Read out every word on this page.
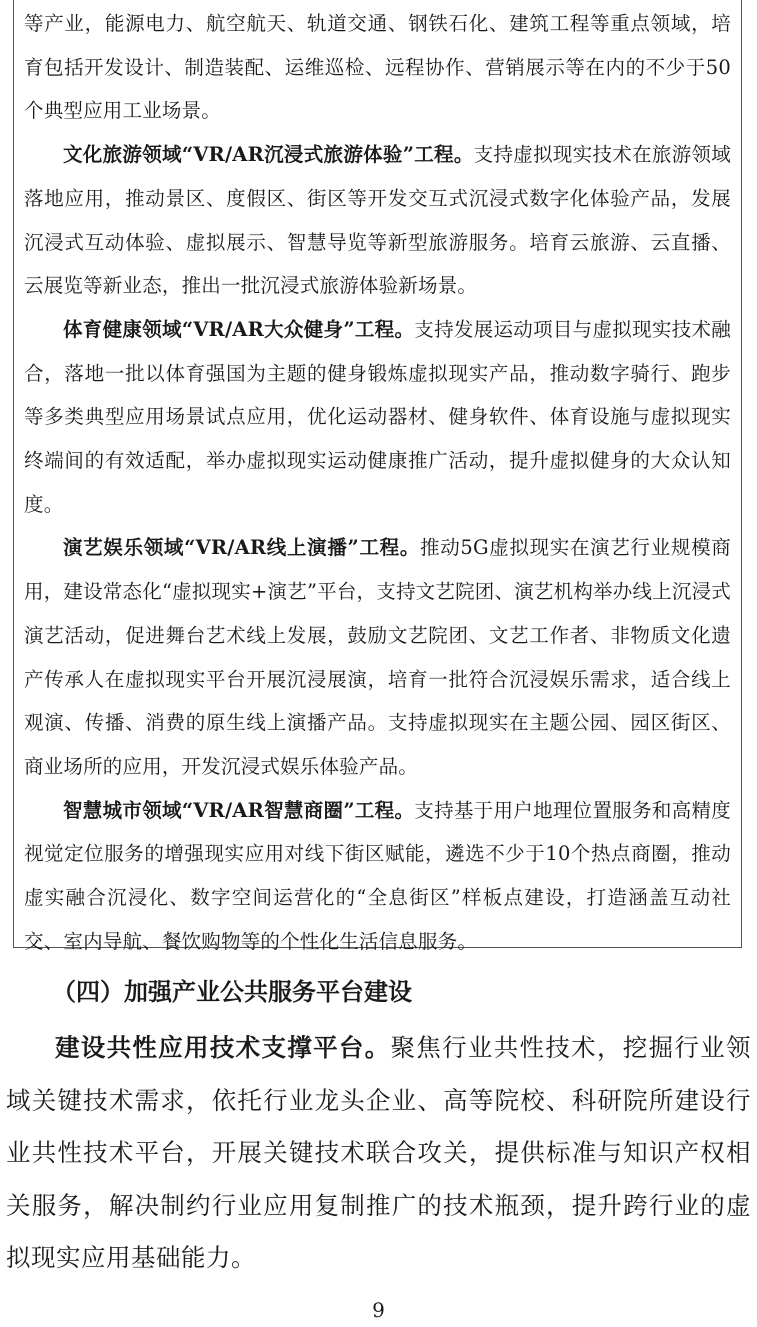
等产业，能源电力、航空航天、轨道交通、钢铁石化、建筑工程等重点领域，培育包括开发设计、制造装配、运维巡检、远程协作、营销展示等在内的不少于50个典型应用工业场景。

文化旅游领域“VR/AR沉浸式旅游体验”工程。支持虚拟现实技术在旅游领域落地应用，推动景区、度假区、街区等开发交互式沉浸式数字化体验产品，发展沉浸式互动体验、虚拟展示、智慧导览等新型旅游服务。培育云旅游、云直播、云展览等新业态，推出一批沉浸式旅游体验新场景。

体育健康领域“VR/AR大众健身”工程。支持发展运动项目与虚拟现实技术融合，落地一批以体育强国为主题的健身锻炼虚拟现实产品，推动数字骑行、跑步等多类典型应用场景试点应用，优化运动器材、健身软件、体育设施与虚拟现实终端间的有效适配，举办虚拟现实运动健康推广活动，提升虚拟健身的大众认知度。

演艺娱乐领域“VR/AR线上演播”工程。推动5G虚拟现实在演艺行业规模商用，建设常态化“虚拟现实+演艺”平台，支持文艺院团、演艺机构举办线上沉浸式演艺活动，促进舞台艺术线上发展，鼓励文艺院团、文艺工作者、非物质文化遗产传承人在虚拟现实平台开展沉浸展演，培育一批符合沉浸娱乐需求，适合线上观演、传播、消费的原生线上演播产品。支持虚拟现实在主题公园、园区街区、商业场所的应用，开发沉浸式娱乐体验产品。

智慧城市领域“VR/AR智慧商圈”工程。支持基于用户地理位置服务和高精度视觉定位服务的增强现实应用对线下街区赋能，遴选不少于10个热点商圈，推动虚实融合沉浸化、数字空间运营化的“全息街区”样板点建设，打造涵盖互动社交、室内导航、餐饮购物等的个性化生活信息服务。

（四）加强产业公共服务平台建设

建设共性应用技术支撑平台。聚焦行业共性技术，挖掘行业领域关键技术需求，依托行业龙头企业、高等院校、科研院所建设行业共性技术平台，开展关键技术联合攻关，提供标准与知识产权相关服务，解决制约行业应用复制推广的技术瓶颈，提升跨行业的虚拟现实应用基础能力。

9
